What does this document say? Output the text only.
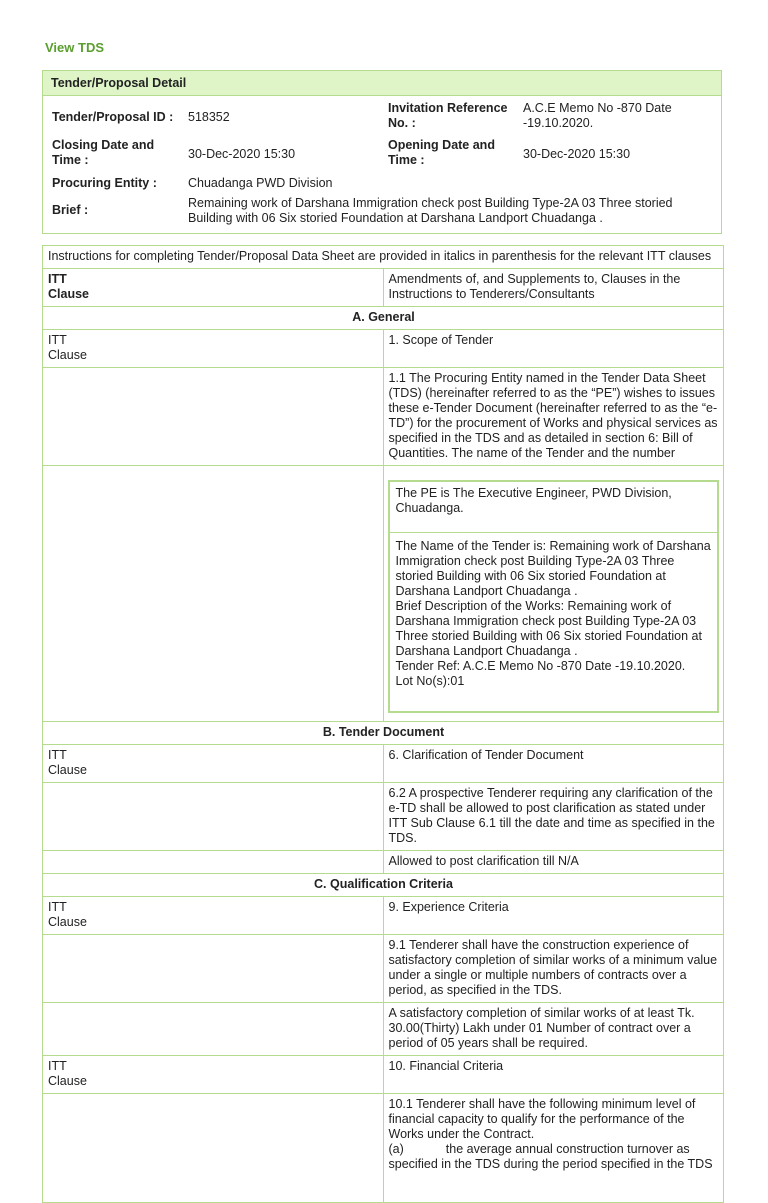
View TDS
Tender/Proposal Detail
Tender/Proposal ID :	518352
Invitation Reference No. :
A.C.E Memo No -870 Date -19.10.2020.
Closing Date and Time :	30-Dec-2020 15:30
Opening Date and Time :	30-Dec-2020 15:30
Procuring Entity :	Chuadanga PWD Division
Brief :	Remaining work of Darshana Immigration check post Building Type-2A 03 Three storied Building with 06 Six storied Foundation at Darshana Landport Chuadanga .
Instructions for completing Tender/Proposal Data Sheet are provided in italics in parenthesis for the relevant ITT clauses	
ITT
Clause	Amendments of, and Supplements to, Clauses in the Instructions to Tenderers/Consultants
A. General	
ITT
Clause	1. Scope of Tender
	1.1 The Procuring Entity named in the Tender Data Sheet (TDS) (hereinafter referred to as the “PE”) wishes to issues these e-Tender Document (hereinafter referred to as the “e-TD”) for the procurement of Works and physical services as specified in the TDS and as detailed in section 6: Bill of Quantities. The name of the Tender and the number

	The PE is The Executive Engineer, PWD Division, Chuadanga.
The Name of the Tender is: Remaining work of Darshana Immigration check post Building Type-2A 03 Three storied Building with 06 Six storied Foundation at Darshana Landport Chuadanga .
Brief Description of the Works: Remaining work of Darshana Immigration check post Building Type-2A 03 Three storied Building with 06 Six storied Foundation at Darshana Landport Chuadanga .
Tender Ref: A.C.E Memo No -870 Date -19.10.2020.
Lot No(s):01

B. Tender Document	
ITT
Clause	6. Clarification of Tender Document
	6.2 A prospective Tenderer requiring any clarification of the e-TD shall be allowed to post clarification as stated under ITT Sub Clause 6.1 till the date and time as specified in the TDS.
	Allowed to post clarification till N/A
C. Qualification Criteria	
ITT
Clause	9. Experience Criteria
	9.1 Tenderer shall have the construction experience of satisfactory completion of similar works of a minimum value under a single or multiple numbers of contracts over a period, as specified in the TDS.
	A satisfactory completion of similar works of at least Tk. 30.00(Thirty) Lakh under 01 Number of contract over a period of 05 years shall be required.
ITT
Clause	10. Financial Criteria

	10.1 Tenderer shall have the following minimum level of financial capacity to qualify for the performance of the Works under the Contract.
(a) the average annual construction turnover as specified in the TDS during the period specified in the TDS
